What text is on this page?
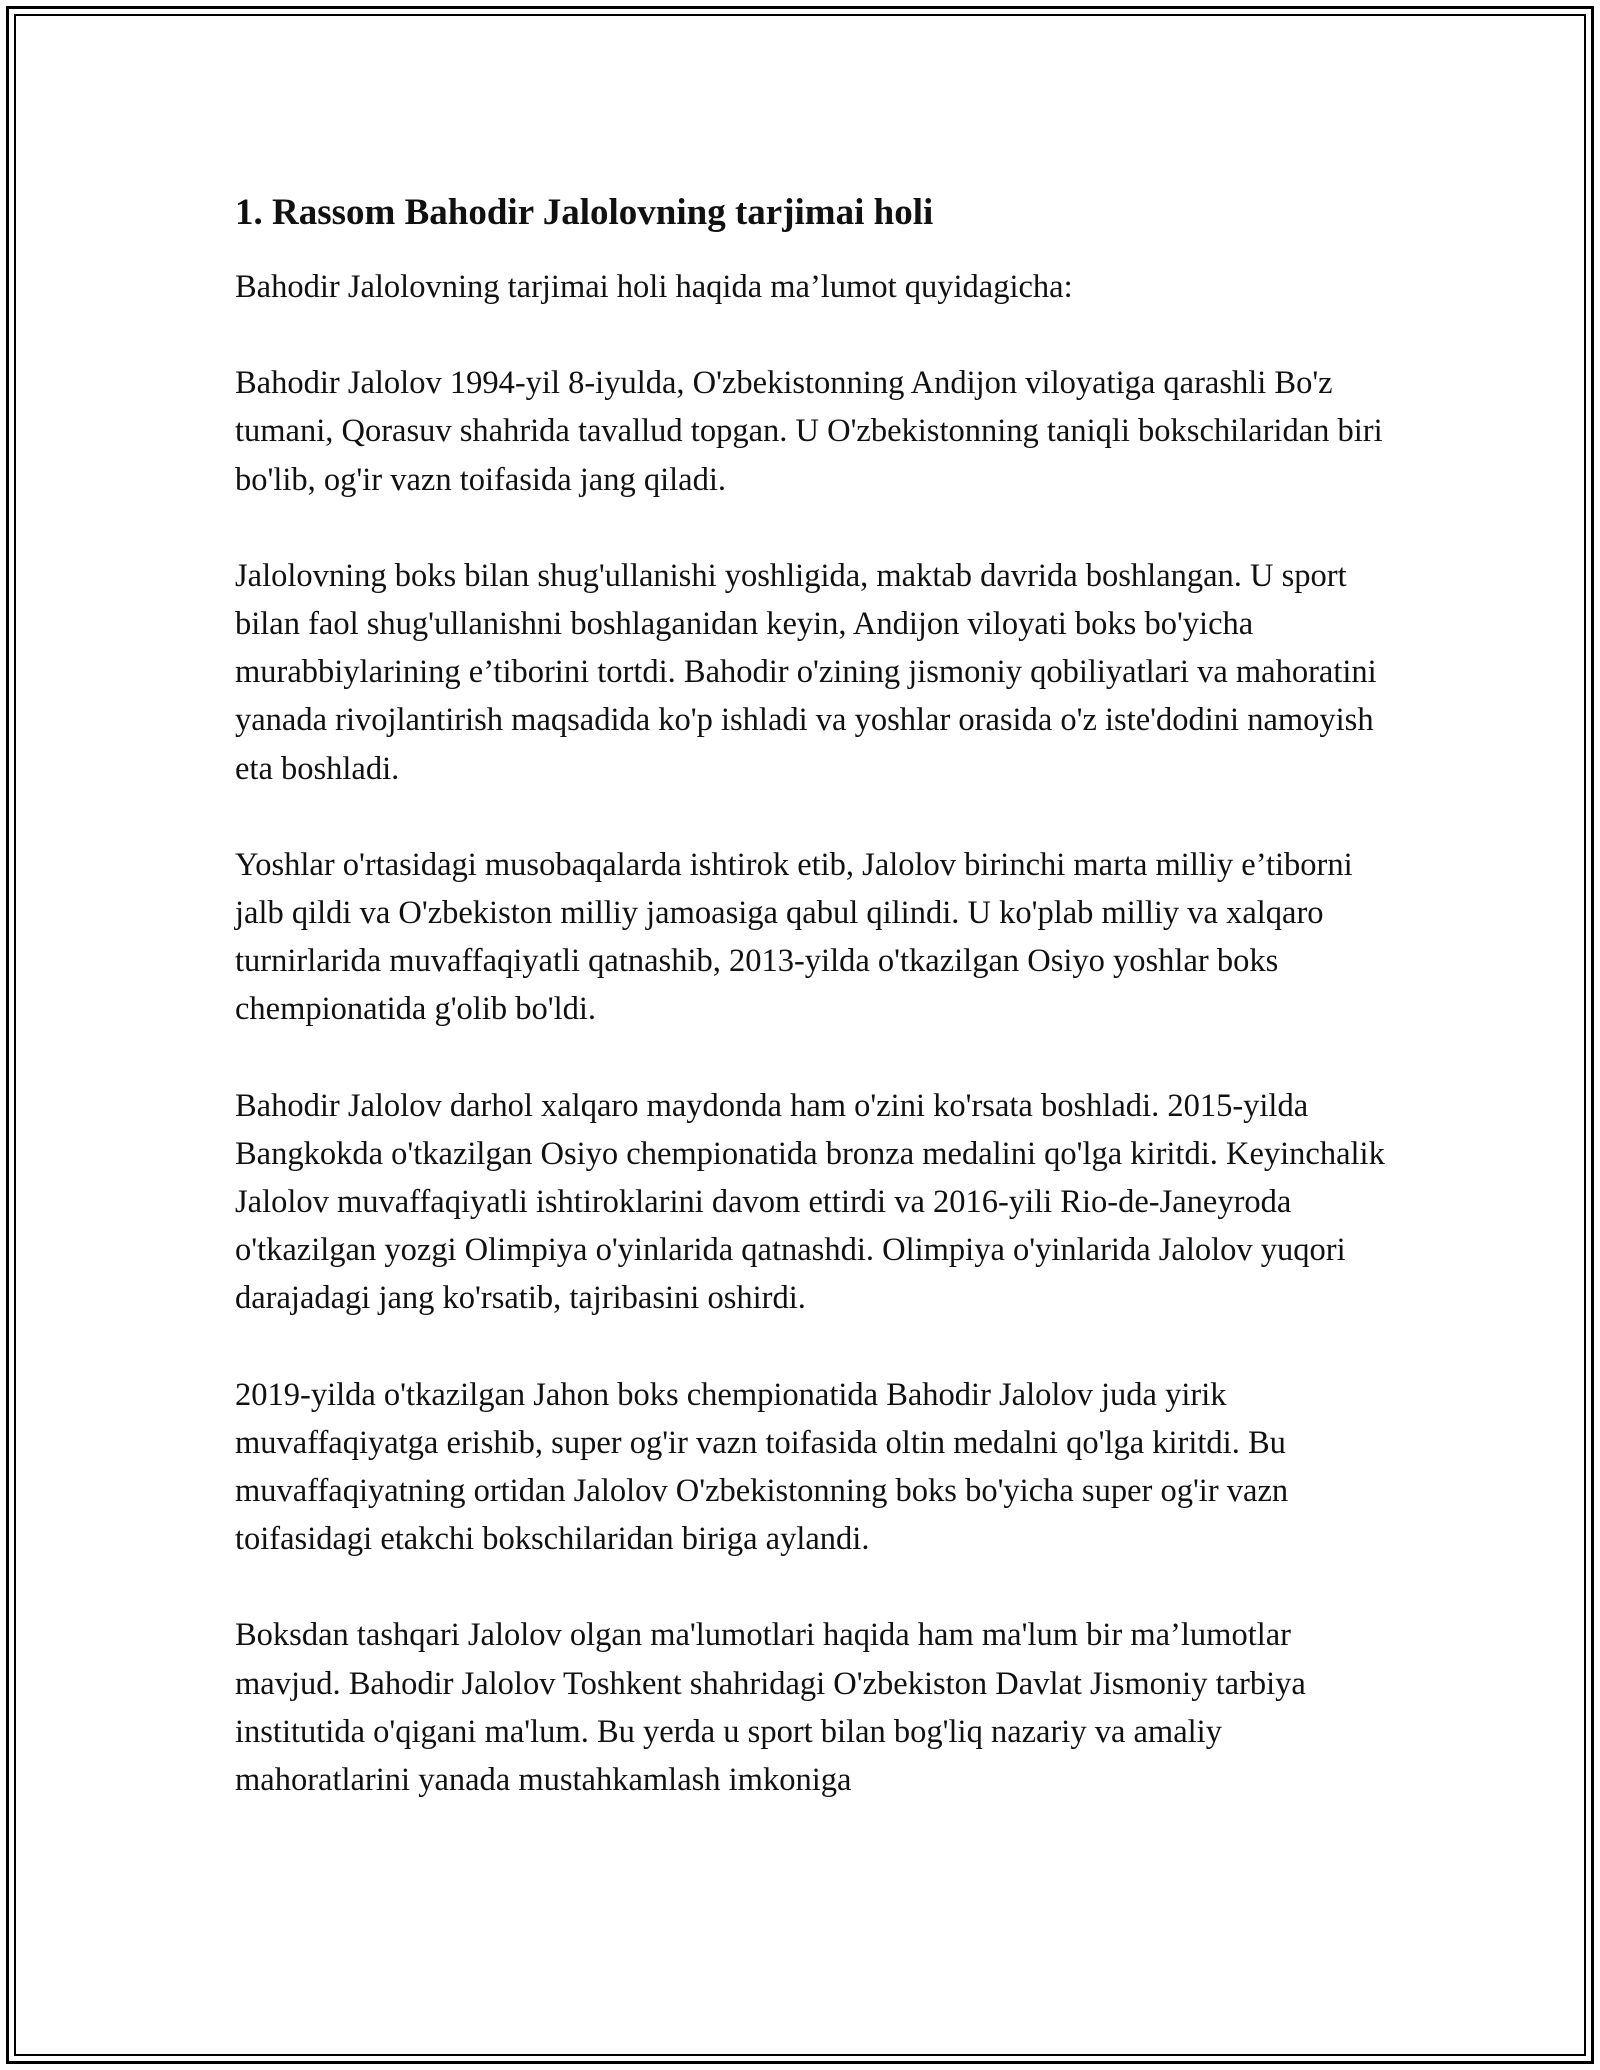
1. Rassom Bahodir Jalolovning tarjimai holi

Bahodir Jalolovning tarjimai holi haqida ma’lumot quyidagicha:

Bahodir Jalolov 1994-yil 8-iyulda, O'zbekistonning Andijon viloyatiga qarashli Bo'z tumani, Qorasuv shahrida tavallud topgan. U O'zbekistonning taniqli bokschilaridan biri bo'lib, og'ir vazn toifasida jang qiladi.

Jalolovning boks bilan shug'ullanishi yoshligida, maktab davrida boshlangan. U sport bilan faol shug'ullanishni boshlaganidan keyin, Andijon viloyati boks bo'yicha murabbiylarining e’tiborini tortdi. Bahodir o'zining jismoniy qobiliyatlari va mahoratini yanada rivojlantirish maqsadida ko'p ishladi va yoshlar orasida o'z iste'dodini namoyish eta boshladi.

Yoshlar o'rtasidagi musobaqalarda ishtirok etib, Jalolov birinchi marta milliy e’tiborni jalb qildi va O'zbekiston milliy jamoasiga qabul qilindi. U ko'plab milliy va xalqaro turnirlarida muvaffaqiyatli qatnashib, 2013-yilda o'tkazilgan Osiyo yoshlar boks chempionatida g'olib bo'ldi.

Bahodir Jalolov darhol xalqaro maydonda ham o'zini ko'rsata boshladi. 2015-yilda Bangkokda o'tkazilgan Osiyo chempionatida bronza medalini qo'lga kiritdi. Keyinchalik Jalolov muvaffaqiyatli ishtiroklarini davom ettirdi va 2016-yili Rio-de-Janeyroda o'tkazilgan yozgi Olimpiya o'yinlarida qatnashdi. Olimpiya o'yinlarida Jalolov yuqori darajadagi jang ko'rsatib, tajribasini oshirdi.

2019-yilda o'tkazilgan Jahon boks chempionatida Bahodir Jalolov juda yirik muvaffaqiyatga erishib, super og'ir vazn toifasida oltin medalni qo'lga kiritdi. Bu muvaffaqiyatning ortidan Jalolov O'zbekistonning boks bo'yicha super og'ir vazn toifasidagi etakchi bokschilaridan biriga aylandi.

Boksdan tashqari Jalolov olgan ma'lumotlari haqida ham ma'lum bir ma’lumotlar mavjud. Bahodir Jalolov Toshkent shahridagi O'zbekiston Davlat Jismoniy tarbiya institutida o'qigani ma'lum. Bu yerda u sport bilan bog'liq nazariy va amaliy mahoratlarini yanada mustahkamlash imkoniga
